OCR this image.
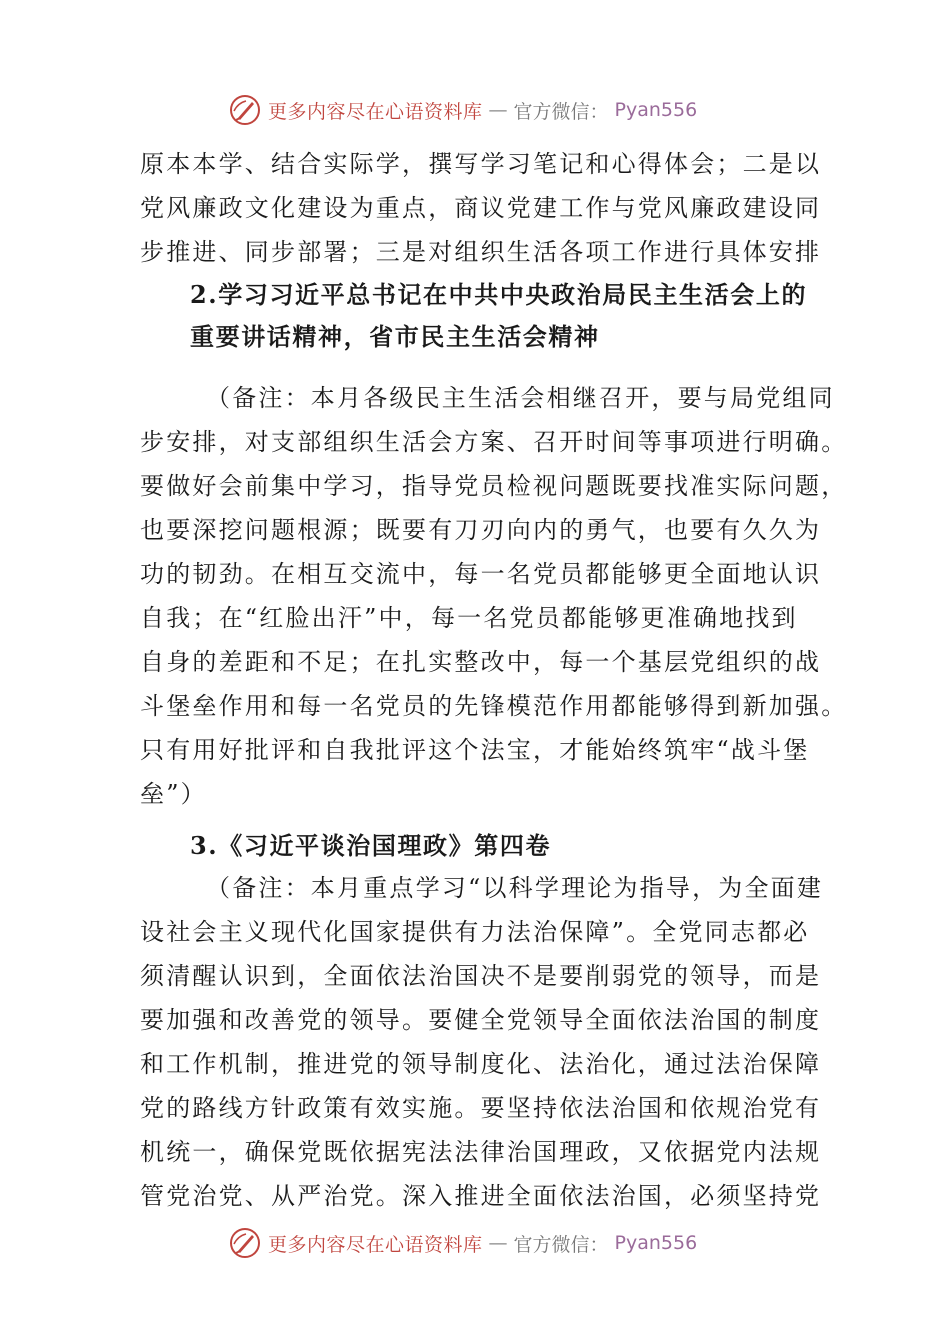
更多内容尽在心语资料库 — 官方微信： Pyan556
原本本学、结合实际学，撰写学习笔记和心得体会；二是以
党风廉政文化建设为重点，商议党建工作与党风廉政建设同
步推进、同步部署；三是对组织生活各项工作进行具体安排
2.学习习近平总书记在中共中央政治局民主生活会上的
重要讲话精神，省市民主生活会精神
（备注：本月各级民主生活会相继召开，要与局党组同
步安排，对支部组织生活会方案、召开时间等事项进行明确。
要做好会前集中学习，指导党员检视问题既要找准实际问题，
也要深挖问题根源；既要有刀刃向内的勇气，也要有久久为
功的韧劲。在相互交流中，每一名党员都能够更全面地认识
自我；在“红脸出汗”中，每一名党员都能够更准确地找到
自身的差距和不足；在扎实整改中，每一个基层党组织的战
斗堡垒作用和每一名党员的先锋模范作用都能够得到新加强。
只有用好批评和自我批评这个法宝，才能始终筑牢“战斗堡
垒”）
3.《习近平谈治国理政》第四卷
（备注：本月重点学习“以科学理论为指导，为全面建
设社会主义现代化国家提供有力法治保障”。全党同志都必
须清醒认识到，全面依法治国决不是要削弱党的领导，而是
要加强和改善党的领导。要健全党领导全面依法治国的制度
和工作机制，推进党的领导制度化、法治化，通过法治保障
党的路线方针政策有效实施。要坚持依法治国和依规治党有
机统一，确保党既依据宪法法律治国理政，又依据党内法规
管党治党、从严治党。深入推进全面依法治国，必须坚持党
更多内容尽在心语资料库 — 官方微信： Pyan556
